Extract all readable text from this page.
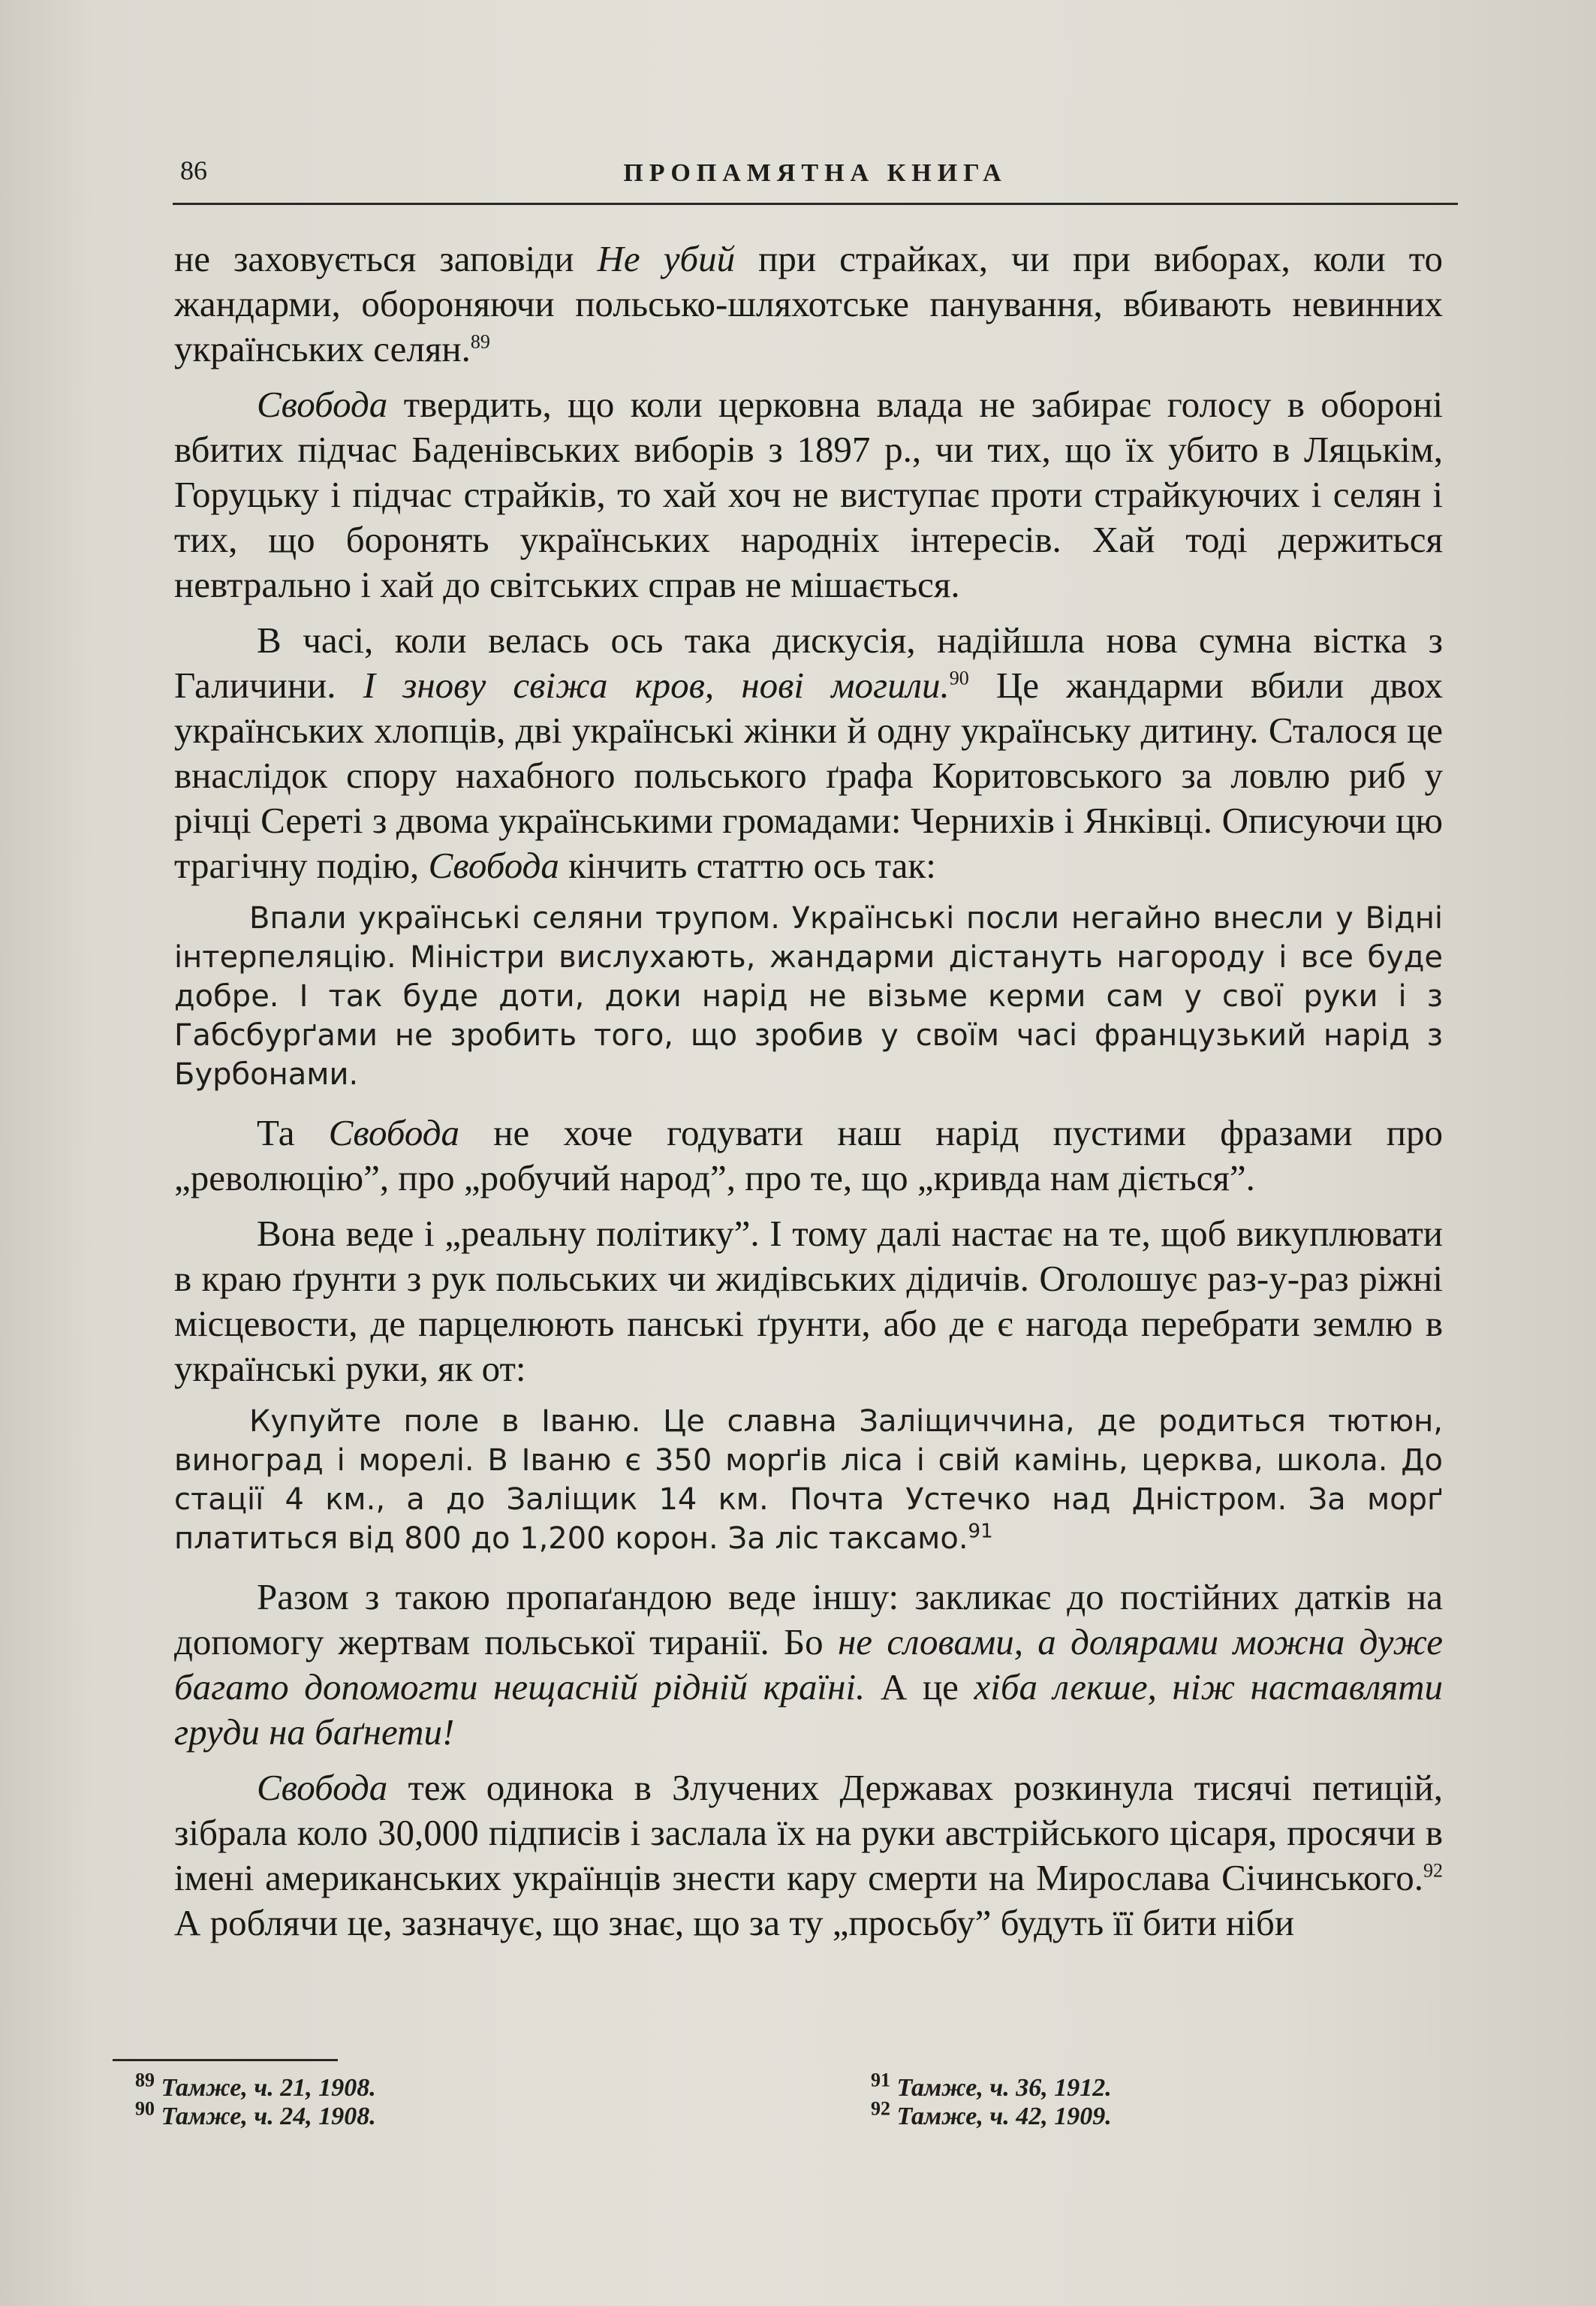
86	ПРОПАМЯТНА КНИГА

не заховується заповіди Не убий при страйках, чи при виборах, коли то жандарми, обороняючи польсько-шляхотське панування, вбивають невинних українських селян.$^{89}$

Свобода твердить, що коли церковна влада не забирає голосу в обороні вбитих підчас Баденівських виборів з 1897 р., чи тих, що їх убито в Ляцькім, Горуцьку і підчас страйків, то хай хоч не виступає проти страйкуючих і селян і тих, що боронять українських народніх інтересів. Хай тоді держиться невтрально і хай до світських справ не мішається.

В часі, коли велась ось така дискусія, надійшла нова сумна вістка з Галичини. І знову свіжа кров, нові могили.$^{90}$ Це жандарми вбили двох українських хлопців, дві українські жінки й одну українську дитину. Сталося це внаслідок спору нахабного польського ґрафа Коритовського за ловлю риб у річці Сереті з двома українськими громадами: Чернихів і Янківці. Описуючи цю трагічну подію, Свобода кінчить статтю ось так:

Впали українські селяни трупом. Українські посли негайно внесли у Відні інтерпеляцію. Міністри вислухають, жандарми дістануть нагороду і все буде добре. І так буде доти, доки нарід не візьме керми сам у свої руки і з Габсбурґами не зробить того, що зробив у своїм часі французький нарід з Бурбонами.

Та Свобода не хоче годувати наш нарід пустими фразами про „революцію”, про „робучий народ”, про те, що „кривда нам діється”.

Вона веде і „реальну політику”. І тому далі настає на те, щоб викуплювати в краю ґрунти з рук польських чи жидівських дідичів. Оголошує раз-у-раз ріжні місцевости, де парцелюють панські ґрунти, або де є нагода перебрати землю в українські руки, як от:

Купуйте поле в Іваню. Це славна Заліщиччина, де родиться тютюн, виноград і морелі. В Іваню є 350 морґів ліса і свій камінь, церква, школа. До стації 4 км., а до Заліщик 14 км. Почта Устечко над Дністром. За морґ платиться від 800 до 1,200 корон. За ліс таксамо.$^{91}$

Разом з такою пропаґандою веде іншу: закликає до постійних датків на допомогу жертвам польської тиранії. Бо не словами, а долярами можна дуже багато допомогти нещасній рідній країні. А це хіба лекше, ніж наставляти груди на баґнети!

Свобода теж одинока в Злучених Державах розкинула тисячі петицій, зібрала коло 30,000 підписів і заслала їх на руки австрійського цісаря, просячи в імені американських українців знести кару смерти на Мирослава Січинського.$^{92}$ А роблячи це, зазначує, що знає, що за ту „просьбу” будуть її бити ніби

$^{89}$ Тамже, ч. 21, 1908.
$^{90}$ Тамже, ч. 24, 1908.
$^{91}$ Тамже, ч. 36, 1912.
$^{92}$ Тамже, ч. 42, 1909.
